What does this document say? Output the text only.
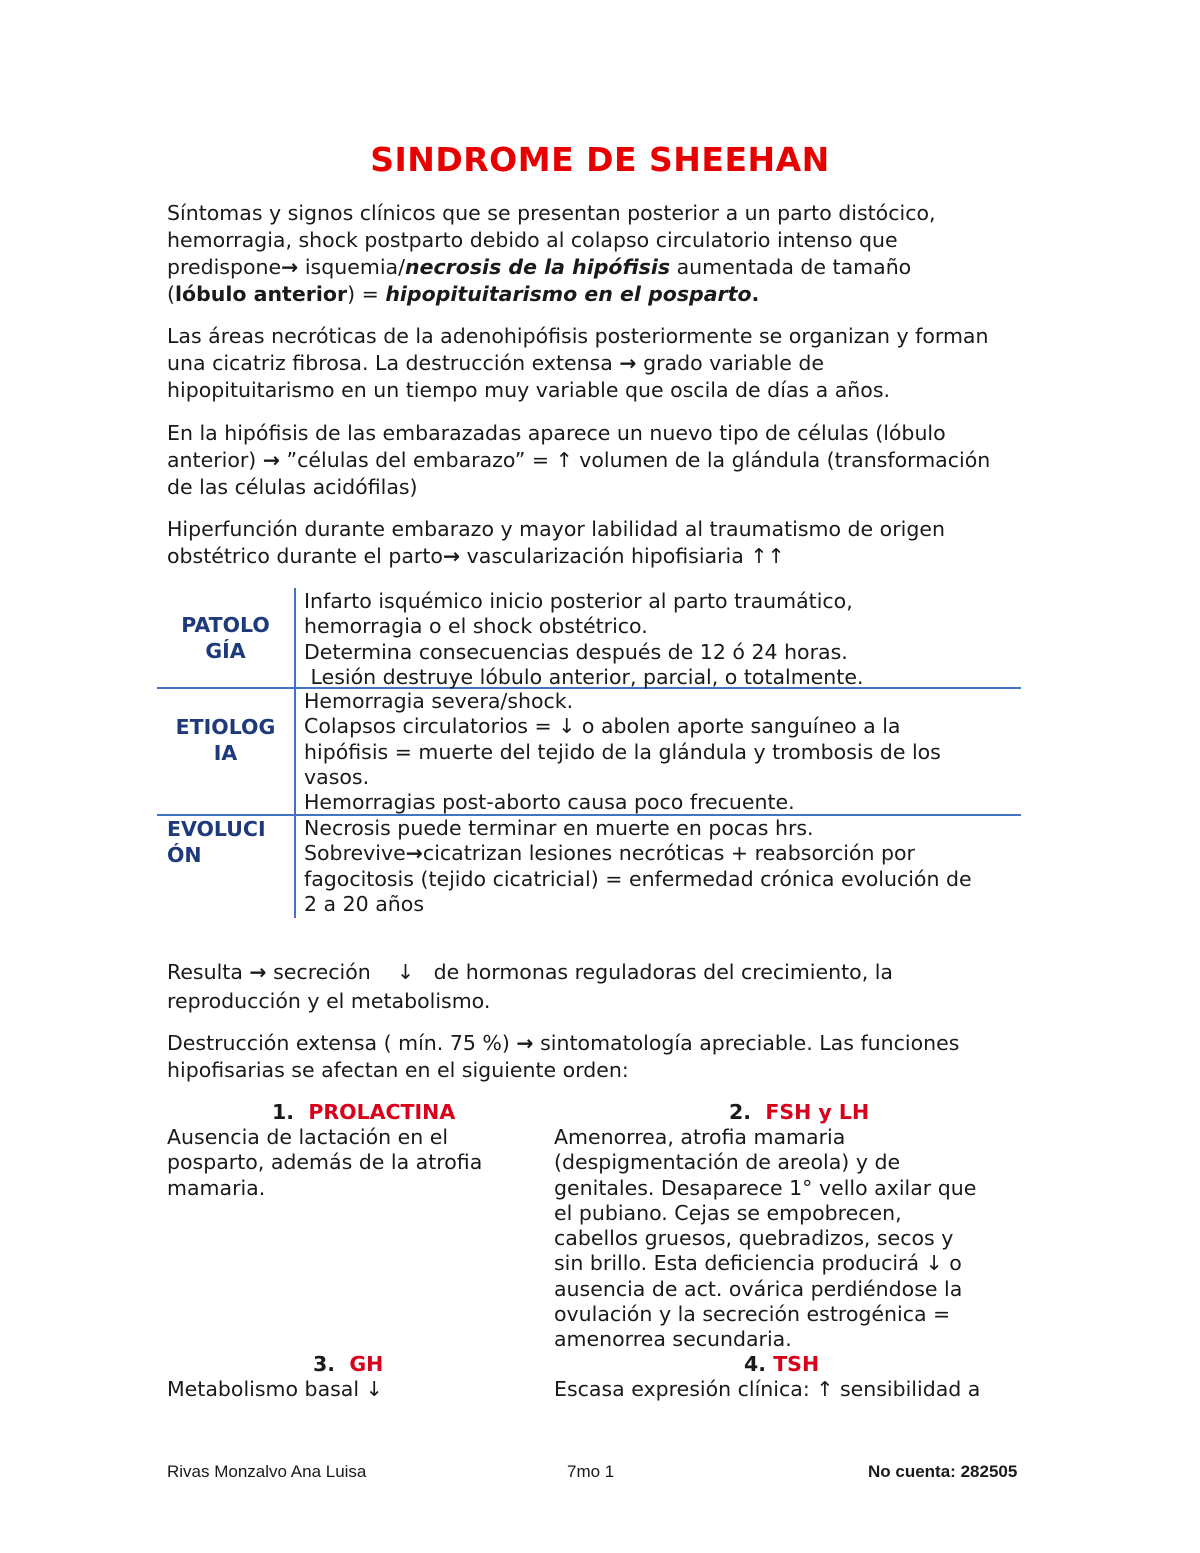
SINDROME DE SHEEHAN
Síntomas y signos clínicos que se presentan posterior a un parto distócico,
hemorragia, shock postparto debido al colapso circulatorio intenso que
predispone→ isquemia/necrosis de la hipófisis aumentada de tamaño
(lóbulo anterior) = hipopituitarismo en el posparto.
Las áreas necróticas de la adenohipófisis posteriormente se organizan y forman
una cicatriz fibrosa. La destrucción extensa → grado variable de
hipopituitarismo en un tiempo muy variable que oscila de días a años.
En la hipófisis de las embarazadas aparece un nuevo tipo de células (lóbulo
anterior) → ”células del embarazo” = ↑ volumen de la glándula (transformación
de las células acidófilas)
Hiperfunción durante embarazo y mayor labilidad al traumatismo de origen
obstétrico durante el parto→ vascularización hipofisiaria ↑↑
PATOLO
GÍA
Infarto isquémico inicio posterior al parto traumático,
hemorragia o el shock obstétrico.
Determina consecuencias después de 12 ó 24 horas.
Lesión destruye lóbulo anterior, parcial, o totalmente.
ETIOLOG
IA
Hemorragia severa/shock.
Colapsos circulatorios = ↓ o abolen aporte sanguíneo a la
hipófisis = muerte del tejido de la glándula y trombosis de los
vasos.
Hemorragias post-aborto causa poco frecuente.
EVOLUCI
ÓN
Necrosis puede terminar en muerte en pocas hrs.
Sobrevive→cicatrizan lesiones necróticas + reabsorción por
fagocitosis (tejido cicatricial) = enfermedad crónica evolución de
2 a 20 años
Resulta → secreción    ↓   de hormonas reguladoras del crecimiento, la
reproducción y el metabolismo.
Destrucción extensa ( mín. 75 %) → sintomatología apreciable. Las funciones
hipofisarias se afectan en el siguiente orden:
1. PROLACTINA
Ausencia de lactación en el
posparto, además de la atrofia
mamaria.
2. FSH y LH
Amenorrea, atrofia mamaria
(despigmentación de areola) y de
genitales. Desaparece 1° vello axilar que
el pubiano. Cejas se empobrecen,
cabellos gruesos, quebradizos, secos y
sin brillo. Esta deficiencia producirá ↓ o
ausencia de act. ovárica perdiéndose la
ovulación y la secreción estrogénica =
amenorrea secundaria.
3. GH
Metabolismo basal ↓
4. TSH
Escasa expresión clínica: ↑ sensibilidad a
Rivas Monzalvo Ana Luisa	7mo 1	No cuenta: 282505
